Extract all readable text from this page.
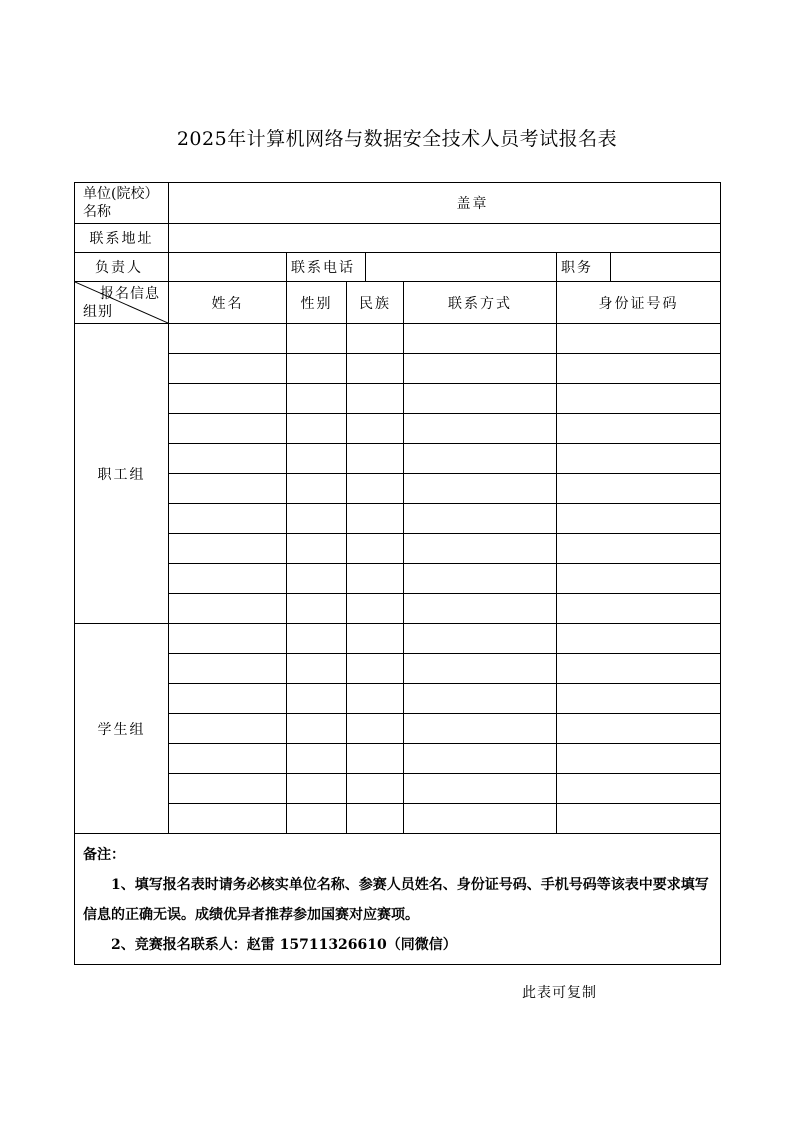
2025年计算机网络与数据安全技术人员考试报名表
单位(院校）名称	盖章						
联系地址							
负责人		联系电话				职务	

报名信息
组别	姓名	性别	民族		联系方式	身份证号码	
职工组							

学生组							

备注：
1、填写报名表时请务必核实单位名称、参赛人员姓名、身份证号码、手机号码等该表中要求填写信息的正确无误。成绩优异者推荐参加国赛对应赛项。
2、竞赛报名联系人：赵雷 15711326610（同微信）							
此表可复制
